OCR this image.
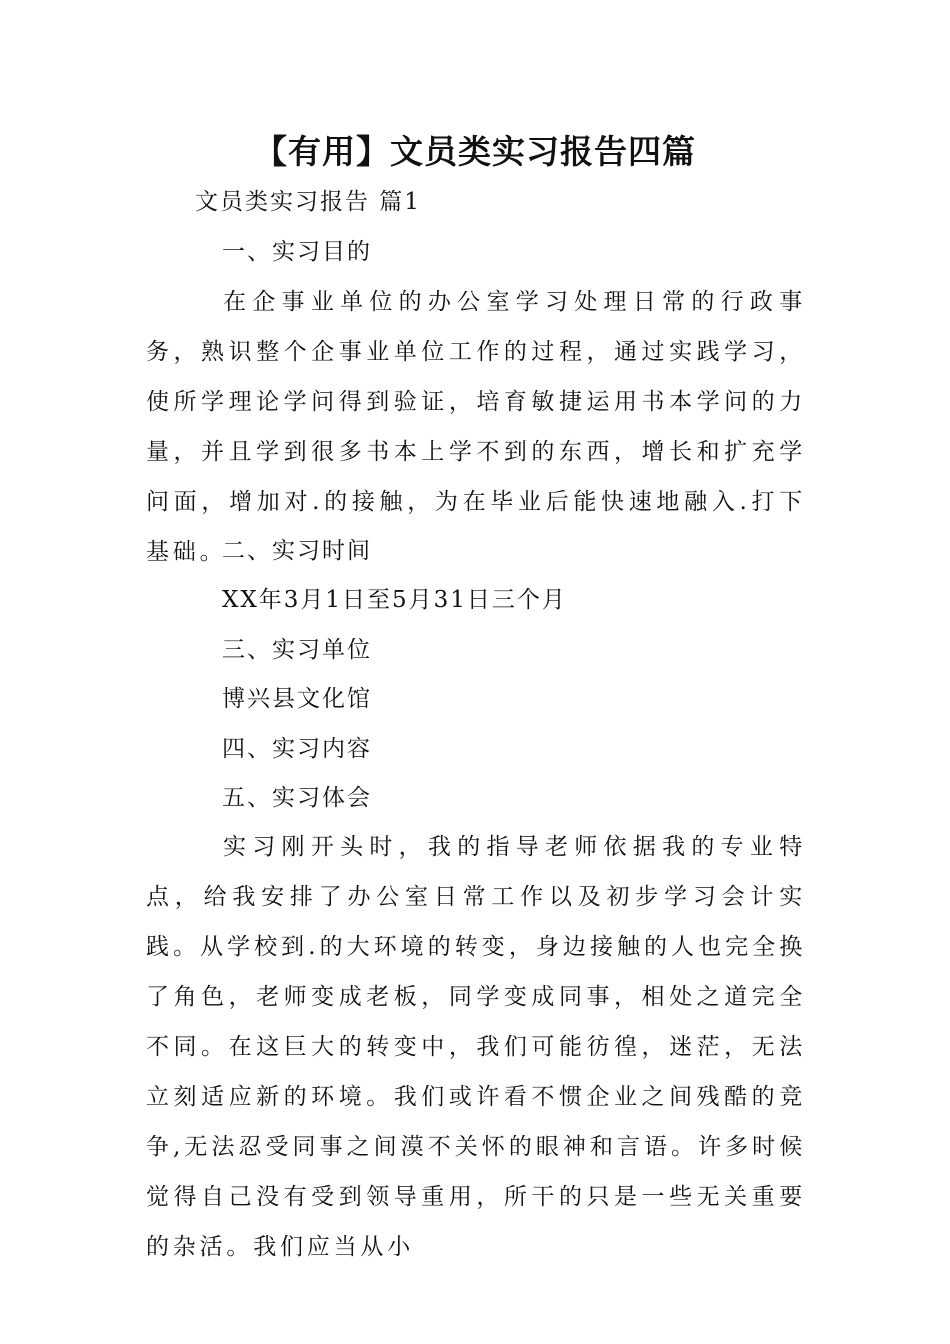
【有用】文员类实习报告四篇
文员类实习报告 篇1
一、实习目的

在企事业单位的办公室学习处理日常的行政事务，熟识整个企事业单位工作的过程，通过实践学习，使所学理论学问得到验证，培育敏捷运用书本学问的力量，并且学到很多书本上学不到的东西，增长和扩充学问面，增加对.的接触，为在毕业后能快速地融入.打下基础。

二、实习时间
XX年3月1日至5月31日三个月
三、实习单位
博兴县文化馆
四、实习内容
五、实习体会

实习刚开头时，我的指导老师依据我的专业特点，给我安排了办公室日常工作以及初步学习会计实践。从学校到.的大环境的转变，身边接触的人也完全换了角色，老师变成老板，同学变成同事，相处之道完全不同。在这巨大的转变中，我们可能彷徨，迷茫，无法立刻适应新的环境。我们或许看不惯企业之间残酷的竞争,无法忍受同事之间漠不关怀的眼神和言语。许多时候觉得自己没有受到领导重用，所干的只是一些无关重要的杂活。我们应当从小
